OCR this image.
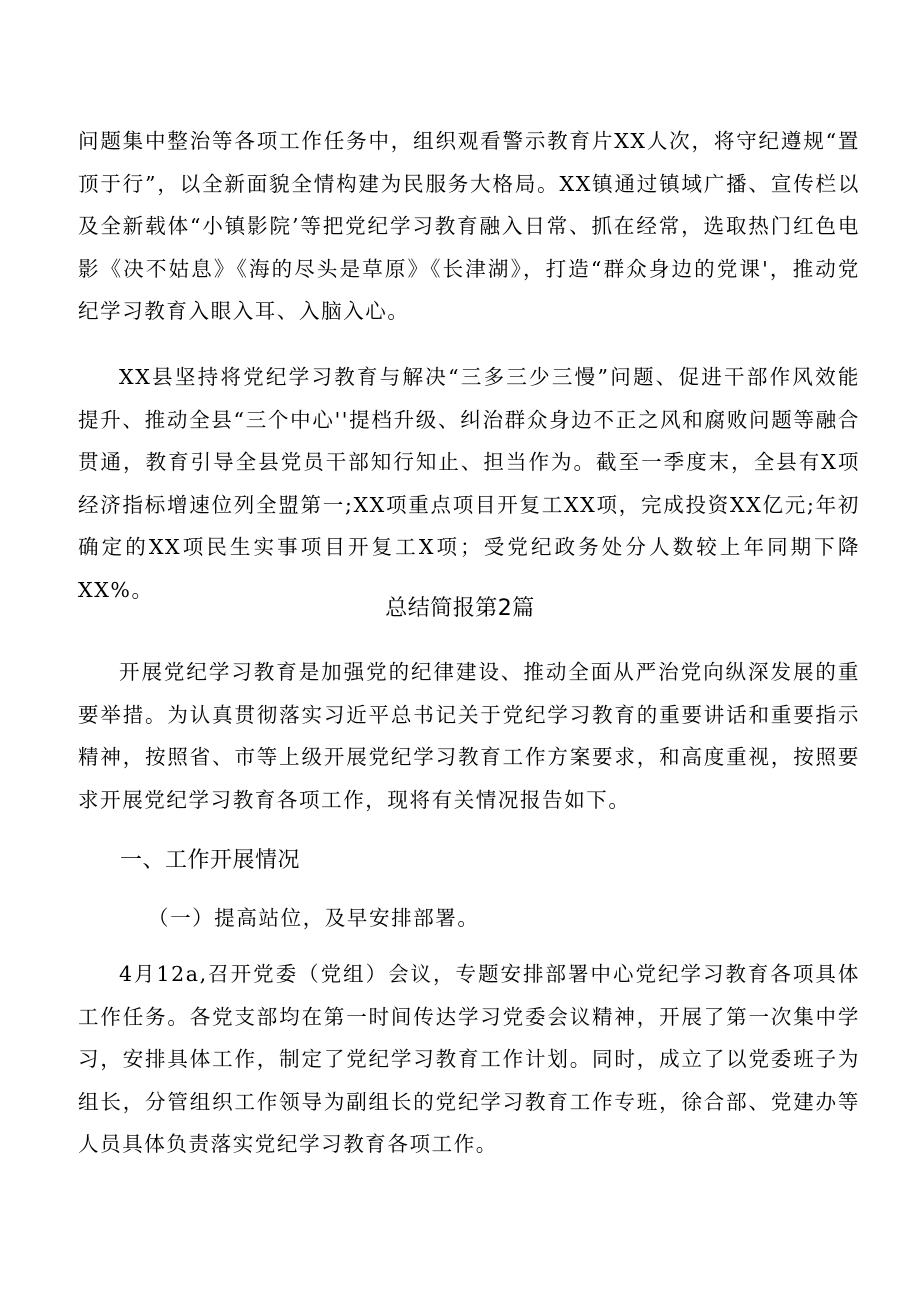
问题集中整治等各项工作任务中，组织观看警示教育片XX人次，将守纪遵规“置顶于行”，以全新面貌全情构建为民服务大格局。XX镇通过镇域广播、宣传栏以及全新载体“小镇影院’等把党纪学习教育融入日常、抓在经常，选取热门红色电影《决不姑息》《海的尽头是草原》《长津湖》，打造“群众身边的党课'，推动党纪学习教育入眼入耳、入脑入心。

XX县坚持将党纪学习教育与解决“三多三少三慢”问题、促进干部作风效能提升、推动全县“三个中心''提档升级、纠治群众身边不正之风和腐败问题等融合贯通，教育引导全县党员干部知行知止、担当作为。截至一季度末，全县有X项经济指标增速位列全盟第一;XX项重点项目开复工XX项，完成投资XX亿元;年初确定的XX项民生实事项目开复工X项；受党纪政务处分人数较上年同期下降XX%。

总结简报第2篇

开展党纪学习教育是加强党的纪律建设、推动全面从严治党向纵深发展的重要举措。为认真贯彻落实习近平总书记关于党纪学习教育的重要讲话和重要指示精神，按照省、市等上级开展党纪学习教育工作方案要求，和高度重视，按照要求开展党纪学习教育各项工作，现将有关情况报告如下。

一、工作开展情况

（一）提高站位，及早安排部署。

4月12a,召开党委（党组）会议，专题安排部署中心党纪学习教育各项具体工作任务。各党支部均在第一时间传达学习党委会议精神，开展了第一次集中学习，安排具体工作，制定了党纪学习教育工作计划。同时，成立了以党委班子为组长，分管组织工作领导为副组长的党纪学习教育工作专班，徐合部、党建办等人员具体负责落实党纪学习教育各项工作。
